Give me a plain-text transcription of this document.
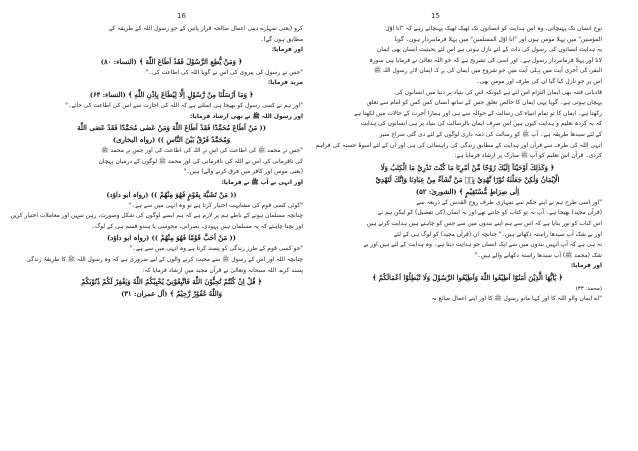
16
کرو (یعنی تمہارے دینی اعمال صالحہ قرار پائیں کے جو رسول اللہ کے طریقہ کے
مطابق ہوں گے)۔
اور فرمایا:
﴿ وَمَنْ يُّطِعِ الرَّسُوْلَ فَقَدْ اَطَاعَ اللّٰهَ ﴾ (النساء: ۸۰)
"جس نے رسول کی پیروی کی اس نے گویا اللہ کی اطاعت کی۔"
مزید فرمایا:
﴿ وَمَا اَرْسَلْنَا مِنْ رَّسُوْلٍ اِلَّا لِيُطَاعَ بِاِذْنِ اللّٰهِ ﴾ (النساء: ۶۴)
"اور ہم نے کسی رسول کو بھیجا ہی اسلئے ہے کہ اللہ کی اجازت سے اس کی اطاعت کی جائے۔"
اور رسول اللہ ﷺ نے بھی ارشاد فرمایا:
(( مَنْ اَطَاعَ مُحَمَّدًا فَقَدْ اَطَاعَ اللّٰهَ وَمَنْ عَصٰى مُحَمَّدًا فَقَدْ عَصَى اللّٰهَ
وَمُحَمَّدٌ فَرْقٌ بَيْنَ النَّاسِ )) (رواہ البخاری)
"جس نے محمد ﷺ کی اطاعت کی اس نے اللہ کی اطاعت کی اور جس نے محمد ﷺ
کی نافرمانی کی اس نے اللہ کی نافرمانی کی اور محمد ﷺ لوگوں کے درمیان پہچان
(یعنی مومن اور کافر میں فرق کرنے والے) ہیں۔"
اور انہی نے آپ ﷺ نے فرمایا:
(( مَنْ تَشَبَّهَ بِقَوْمٍ فَهُوَ مِنْهُمْ )) (رواہ ابو داؤد)
"کوئی کسی قوم کی مشابہت اختیار کرتا ہے تو وہ انہی میں سے ہے۔"
چنانچہ مسلمان ہونے کے ناطے ہم پر لازم ہے کہ ہم ایسے لوگوں کی شکل وصورت، رہن سہن اور معاملات اختیار کریں
اور بچنا چاہئے کہ یہ مسلمان ہیں یہودی، نصرانی، مجوسی یا ہندو قسم ہی کے لوگ۔
(( مَنْ اَحَبَّ قَوْمًا فَهُوَ مِنْهُمْ )) (رواہ ابو داؤد)
"جو کسی قوم کے طرز زندگی کو پسند کرتا ہے وہ انہی میں سے ہے۔"
چنانچہ اللہ اور اس کے رسول ﷺ سے محبت کرنے والوں کے لیے ضروری ہے کہ وہ رسول اللہ ﷺ کا طریقۂ زندگی
پسند کرے، اللہ سبحانہ وتعالیٰ نے قرآن مجید میں ارشاد فرمایا کہ:
﴿ قُلْ اِنْ كُنْتُمْ تُحِبُّوْنَ اللّٰهَ فَاتَّبِعُوْنِيْ يُحْبِبْكُمُ اللّٰهُ وَيَغْفِرْ لَكُمْ ذُنُوْبَكُمْ
وَاللّٰهُ غَفُوْرٌ رَّحِيْمٌ ﴾ (آل عمران: ۳۱)
15
نوح انسان تک پہنچائی، وہ اس ہدایت کو انسانوں تک ٹھیک ٹھیک پہنچائے رہے کہ "انا اوّل
المؤمنین" میں پہلا مومن ہوں اور "انا اوّل المسلمین" میں پہلا فرمانبردار ہوں۔ گویا
یہ ہدایت انسانوں کی رسول کی ذات کے لئے نازل ہوتی ہے اس لئے بحیثیت انسان بھی ایمان
لانا اور پہلا فرمانبردار رسول ہے۔ اور اسی کی تشریح ہے کہ جو اللہ تعالیٰ نے فرمایا ہی سورۃ
البقرہ کی آخری آیت میں پہلی آیت میں جو شروع میں ایمان کی ہے کہ ایمان لائے رسول اللہ ﷺ
اس پر جو نازل کیا گیا ان کی طرف اور مومن بھی۔
قادیانی فتنہ بھی ایمان التزام اس لئے ہے کیونکہ اس کی بنیاد پر دنیا میں انسانوں کی
پہچان ہوتی ہے۔ گویا یہی ایمان کا خالص تعلق جس کے ساتھ انسان کس کس کو امام سے تعلق
رکھتا ہے۔ ایمان کا تو تمام انبیاء کی رسالت کے حوالہ سے ہی اور ہمارا آخرت کے حالات میں لکھنا ہے
کہ یہ کردہ تعلیم و ہدایت کیوں ہیں اس صرف ایمان بالرسالت کی بنیاد پر ہی انسانوں کی ہدایت
کے لئے سیدھا طریقہ ہے۔ آپ ﷺ کو رسالت کی ذمہ داری لوگوں کے لئے دی گئی سراج منیر
انہی اللہ کی طرف سے قرآن اور ہدایت کے مطابق زندگی کی راہنمائی کی ہی اور ان کے لئے اسوۂ حسنہ کی فراہم
کردی۔ قرآن اس تعلیم کو آپ ﷺ مبارک پر ارشاد فرمایا ہے:
﴿ وَكَذٰلِكَ اَوْحَيْنَآ اِلَيْكَ رُوْحًا مِّنْ اَمْرِنَا مَا كُنْتَ تَدْرِيْ مَا الْكِتٰبُ وَلَا
الْاِيْمَانُ وَلٰكِنْ جَعَلْنٰهُ نُوْرًا نَّهْدِيْ بِهٖ مَنْ نَّشَآءُ مِنْ عِبَادِنَا وَاِنَّكَ لَتَهْدِيْٓ
اِلٰى صِرَاطٍ مُّسْتَقِيْمٍ ﴾ (الشوریٰ: ۵۲)
"اور اسی طرح ہم نے اپنے حکم سے تمہاری طرف روح القدس کے ذریعہ سے
(قرآن مجید) بھیجا ہے۔ آپ نہ تو کتاب کو جانتے تھے اور نہ ایمان (کی تفصیل) کو لیکن ہم نے
اس کتاب کو نور بنایا ہے کہ اس سے ہم اپنے بندوں میں سے جس کو چاہتے ہیں ہدایت کرتے ہیں
اور بے شک آپ سیدھا راستہ دکھاتے ہیں۔" چنانچہ ان (قرآن مجید) کو لوگ ہی کے لئے
نہ ہی ہے کہ آپ انہیں بندوں میں سے ایک انسان جو ہدایت دیتا ہے۔ وہ ہدایت کے لئے ہیں اور بے
شک (محمد ﷺ) آپ سیدھا راستہ دکھانے والے ہیں۔"
اور فرمایا:
﴿ يٰٓاَيُّهَا الَّذِيْنَ اٰمَنُوْٓا اَطِيْعُوا اللّٰهَ وَاَطِيْعُوا الرَّسُوْلَ وَلَا تُبْطِلُوْٓا اَعْمَالَكُمْ ﴾
(محمد: ۳۳)
"اے ایمان والو اللہ کا اور کہا مانو رسول ﷺ کا اور اپنے اعمال ضائع نہ
